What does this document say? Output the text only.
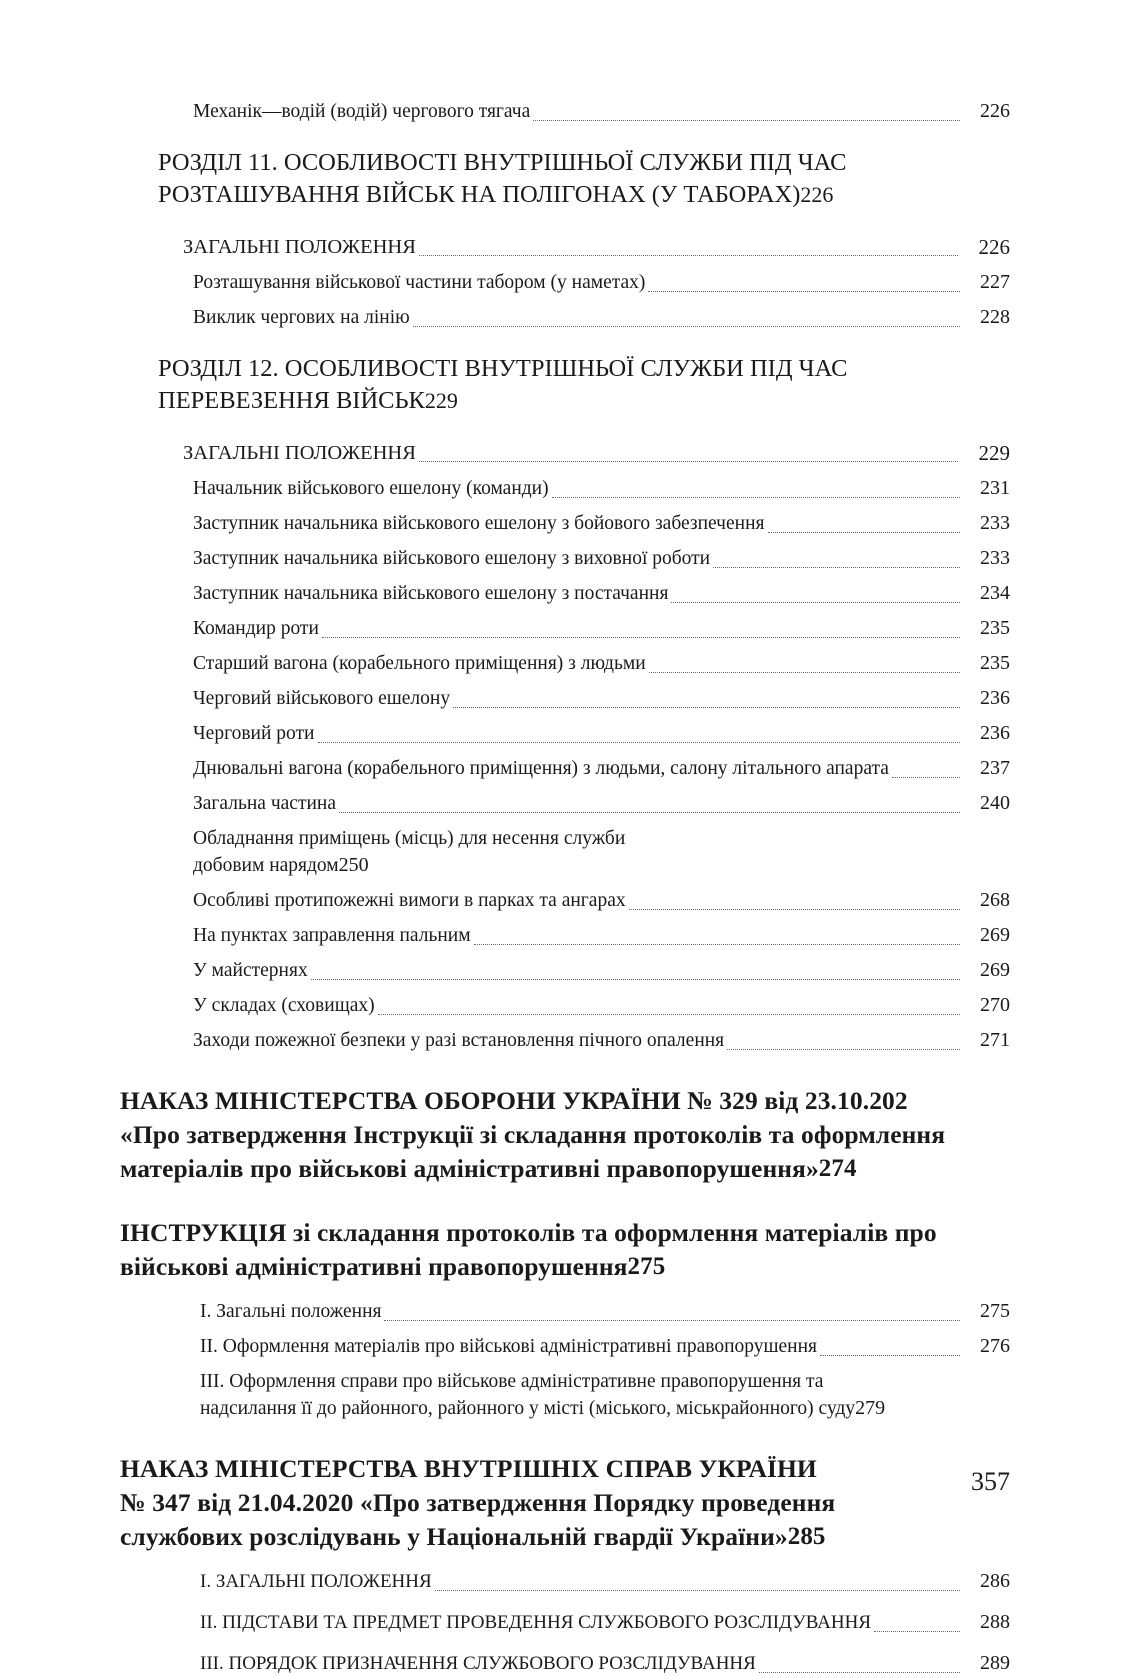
Механік—водій (водій) чергового тягача	226
РОЗДІЛ 11. ОСОБЛИВОСТІ ВНУТРІШНЬОЇ СЛУЖБИ ПІД ЧАС
РОЗТАШУВАННЯ ВІЙСЬК НА ПОЛІГОНАХ (У ТАБОРАХ) 226
ЗАГАЛЬНІ ПОЛОЖЕННЯ	226
Розташування військової частини табором (у наметах)	227
Виклик чергових на лінію	228
РОЗДІЛ 12. ОСОБЛИВОСТІ ВНУТРІШНЬОЇ СЛУЖБИ ПІД ЧАС
ПЕРЕВЕЗЕННЯ ВІЙСЬК 229
ЗАГАЛЬНІ ПОЛОЖЕННЯ	229
Начальник військового ешелону (команди)	231
Заступник начальника військового ешелону з бойового забезпечення	233
Заступник начальника військового ешелону з виховної роботи	233
Заступник начальника військового ешелону з постачання	234
Командир роти	235
Старший вагона (корабельного приміщення) з людьми	235
Черговий військового ешелону	236
Черговий роти	236
Днювальні вагона (корабельного приміщення) з людьми, салону літального апарата	237
Загальна частина	240
Обладнання приміщень (місць) для несення служби
добовим нарядом 250
Особливі протипожежні вимоги в парках та ангарах	268
На пунктах заправлення пальним	269
У майстернях	269
У складах (сховищах)	270
Заходи пожежної безпеки у разі встановлення пічного опалення	271
НАКАЗ МІНІСТЕРСТВА ОБОРОНИ УКРАЇНИ № 329 від 23.10.202
«Про затвердження Інструкції зі складання протоколів та оформлення
матеріалів про військові адміністративні правопорушення» 274
ІНСТРУКЦІЯ зі складання протоколів та оформлення матеріалів про
військові адміністративні правопорушення 275
I. Загальні положення	275
II. Оформлення матеріалів про військові адміністративні правопорушення	276
III. Оформлення справи про військове адміністративне правопорушення та
надсилання її до районного, районного у місті (міського, міськрайонного) суду 279
НАКАЗ МІНІСТЕРСТВА ВНУТРІШНІХ СПРАВ УКРАЇНИ
№ 347 від 21.04.2020 «Про затвердження Порядку проведення
службових розслідувань у Національній гвардії України» 285
I. ЗАГАЛЬНІ ПОЛОЖЕННЯ	286
II. ПІДСТАВИ ТА ПРЕДМЕТ ПРОВЕДЕННЯ СЛУЖБОВОГО РОЗСЛІДУВАННЯ	288
III. ПОРЯДОК ПРИЗНАЧЕННЯ СЛУЖБОВОГО РОЗСЛІДУВАННЯ	289
357
